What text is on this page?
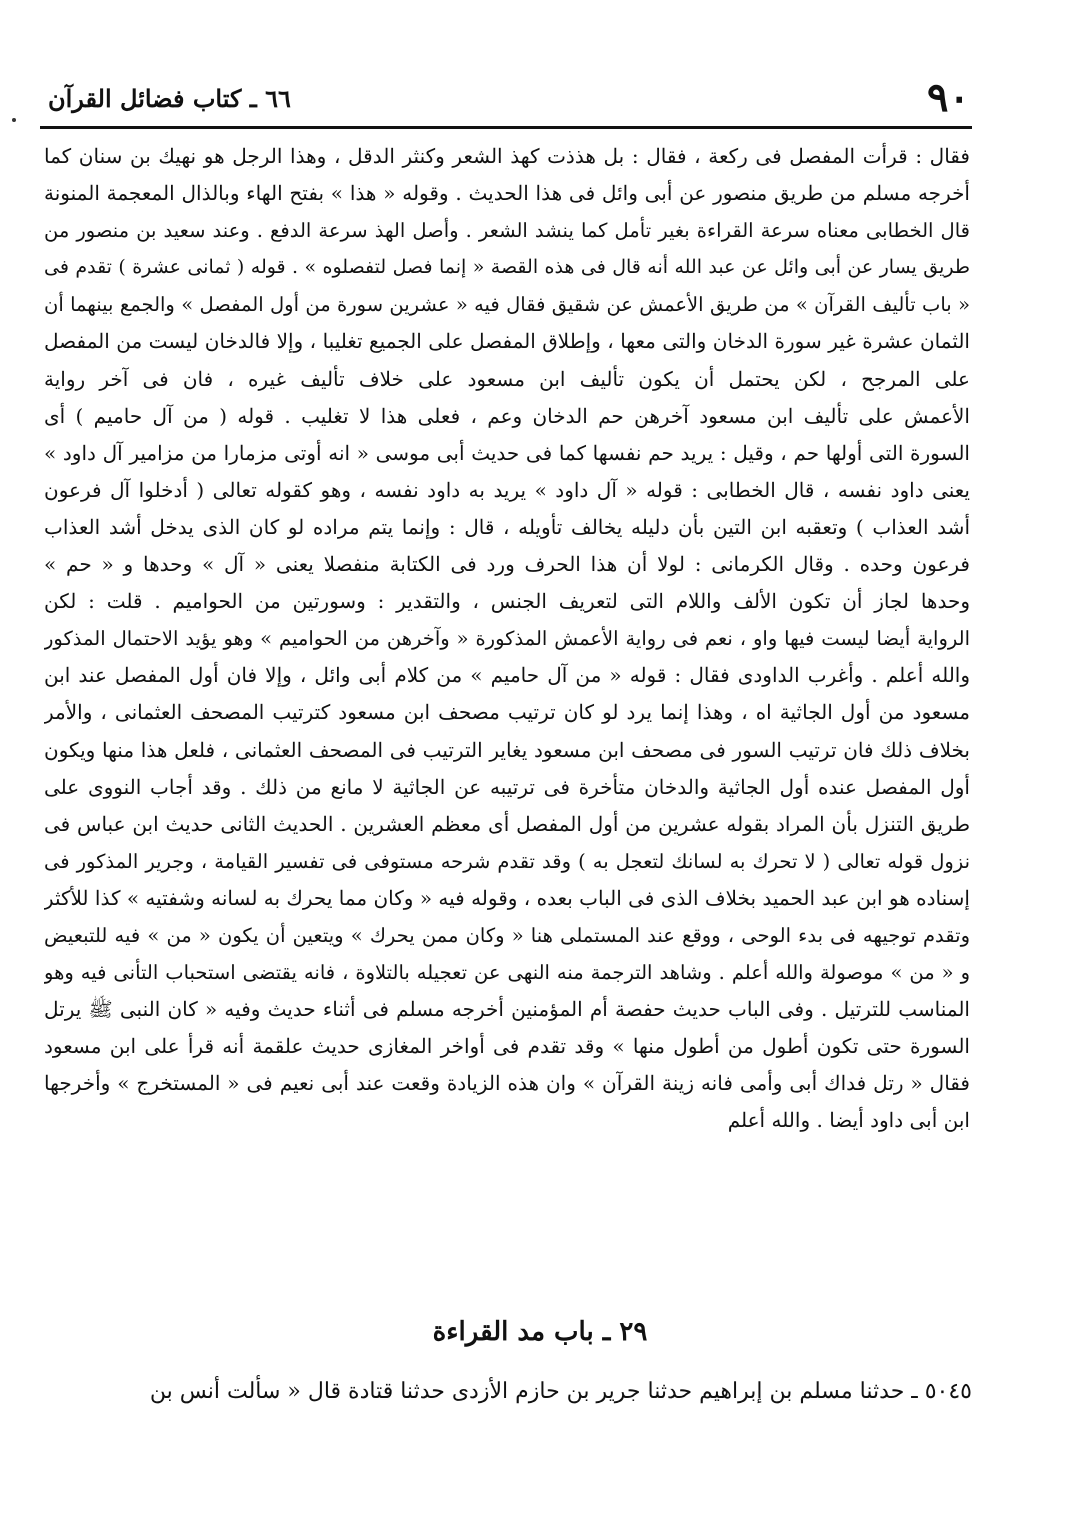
٩٠
٦٦ ـ كتاب فضائل القرآن
فقال : قرأت المفصل فى ركعة ، فقال : بل هذذت كهذ الشعر وكنثر الدقل ، وهذا الرجل هو نهيك بن سنان كما
أخرجه مسلم من طريق منصور عن أبى وائل فى هذا الحديث . وقوله « هذا » بفتح الهاء وبالذال المعجمة المنونة
قال الخطابى معناه سرعة القراءة بغير تأمل كما ينشد الشعر . وأصل الهذ سرعة الدفع . وعند سعيد بن منصور من
طريق يسار عن أبى وائل عن عبد الله أنه قال فى هذه القصة « إنما فصل لتفصلوه » . قوله ( ثمانى عشرة ) تقدم فى
« باب تأليف القرآن » من طريق الأعمش عن شقيق فقال فيه « عشرين سورة من أول المفصل » والجمع بينهما أن
الثمان عشرة غير سورة الدخان والتى معها ، وإطلاق المفصل على الجميع تغليبا ، وإلا فالدخان ليست من المفصل
على المرجح ، لكن يحتمل أن يكون تأليف ابن مسعود على خلاف تأليف غيره ، فان فى آخر رواية
الأعمش على تأليف ابن مسعود آخرهن حم الدخان وعم ، فعلى هذا لا تغليب . قوله ( من آل حاميم ) أى
السورة التى أولها حم ، وقيل : يريد حم نفسها كما فى حديث أبى موسى « انه أوتى مزمارا من مزامير آل داود »
يعنى داود نفسه ، قال الخطابى : قوله « آل داود » يريد به داود نفسه ، وهو كقوله تعالى ( أدخلوا آل فرعون
أشد العذاب ) وتعقبه ابن التين بأن دليله يخالف تأويله ، قال : وإنما يتم مراده لو كان الذى يدخل أشد العذاب
فرعون وحده . وقال الكرمانى : لولا أن هذا الحرف ورد فى الكتابة منفصلا يعنى « آل » وحدها و « حم »
وحدها لجاز أن تكون الألف واللام التى لتعريف الجنس ، والتقدير : وسورتين من الحواميم . قلت : لكن
الرواية أيضا ليست فيها واو ، نعم فى رواية الأعمش المذكورة « وآخرهن من الحواميم » وهو يؤيد الاحتمال المذكور
والله أعلم . وأغرب الداودى فقال : قوله « من آل حاميم » من كلام أبى وائل ، وإلا فان أول المفصل عند ابن
مسعود من أول الجاثية اه ، وهذا إنما يرد لو كان ترتيب مصحف ابن مسعود كترتيب المصحف العثمانى ، والأمر
بخلاف ذلك فان ترتيب السور فى مصحف ابن مسعود يغاير الترتيب فى المصحف العثمانى ، فلعل هذا منها ويكون
أول المفصل عنده أول الجاثية والدخان متأخرة فى ترتيبه عن الجاثية لا مانع من ذلك . وقد أجاب النووى على
طريق التنزل بأن المراد بقوله عشرين من أول المفصل أى معظم العشرين . الحديث الثانى حديث ابن عباس فى
نزول قوله تعالى ( لا تحرك به لسانك لتعجل به ) وقد تقدم شرحه مستوفى فى تفسير القيامة ، وجرير المذكور فى
إسناده هو ابن عبد الحميد بخلاف الذى فى الباب بعده ، وقوله فيه « وكان مما يحرك به لسانه وشفتيه » كذا للأكثر
وتقدم توجيهه فى بدء الوحى ، ووقع عند المستملى هنا « وكان ممن يحرك » ويتعين أن يكون « من » فيه للتبعيض
و « من » موصولة والله أعلم . وشاهد الترجمة منه النهى عن تعجيله بالتلاوة ، فانه يقتضى استحباب التأنى فيه وهو
المناسب للترتيل . وفى الباب حديث حفصة أم المؤمنين أخرجه مسلم فى أثناء حديث وفيه « كان النبى ﷺ يرتل
السورة حتى تكون أطول من أطول منها » وقد تقدم فى أواخر المغازى حديث علقمة أنه قرأ على ابن مسعود
فقال « رتل فداك أبى وأمى فانه زينة القرآن » وان هذه الزيادة وقعت عند أبى نعيم فى « المستخرج » وأخرجها
ابن أبى داود أيضا . والله أعلم
٢٩ ـ باب مد القراءة
٥٠٤٥ ـ حدثنا مسلم بن إبراهيم حدثنا جرير بن حازم الأزدى حدثنا قتادة قال « سألت أنس بن
